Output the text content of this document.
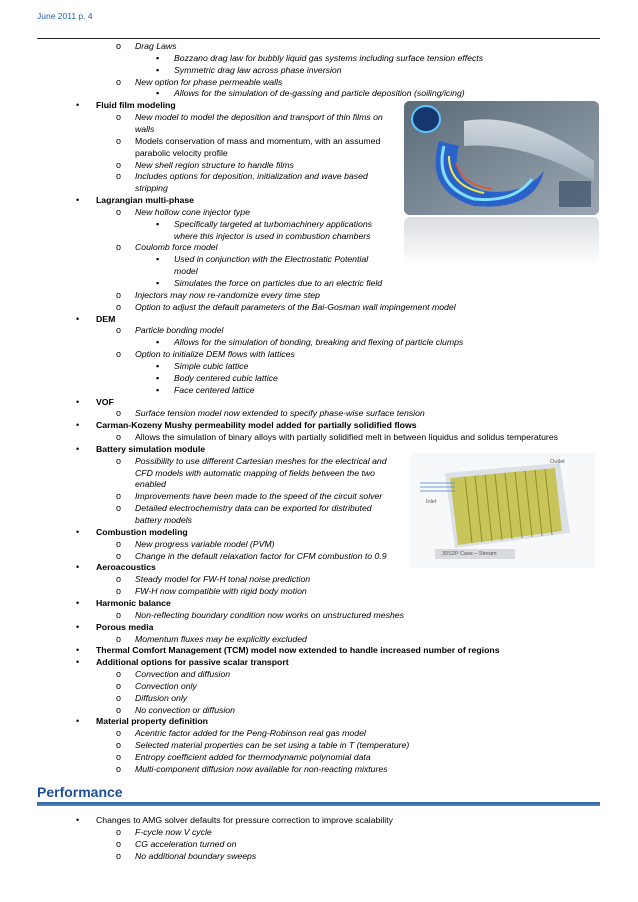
June 2011 p. 4
o Drag Laws
▪ Bozzano drag law for bubbly liquid gas systems including surface tension effects
▪ Symmetric drag law across phase inversion
o New option for phase permeable walls
▪ Allows for the simulation of de-gassing and particle deposition (soiling/icing)
• Fluid film modeling
o New model to model the deposition and transport of thin films on
walls
o Models conservation of mass and momentum, with an assumed
parabolic velocity profile
o New shell region structure to handle films
o Includes options for deposition, initialization and wave based
stripping
• Lagrangian multi-phase
o New hollow cone injector type
▪ Specifically targeted at turbomachinery applications
where this injector is used in combustion chambers
o Coulomb force model
▪ Used in conjunction with the Electrostatic Potential
model
▪ Simulates the force on particles due to an electric field
o Injectors may now re-randomize every time step
o Option to adjust the default parameters of the Bai-Gosman wall impingement model
• DEM
o Particle bonding model
▪ Allows for the simulation of bonding, breaking and flexing of particle clumps
o Option to initialize DEM flows with lattices
▪ Simple cubic lattice
▪ Body centered cubic lattice
▪ Face centered lattice
• VOF
o Surface tension model now extended to specify phase-wise surface tension
• Carman-Kozeny Mushy permeability model added for partially solidified flows
o Allows the simulation of binary alloys with partially solidified melt in between liquidus and solidus temperatures
• Battery simulation module
o Possibility to use different Cartesian meshes for the electrical and
CFD models with automatic mapping of fields between the two
enabled
o Improvements have been made to the speed of the circuit solver
o Detailed electrochemistry data can be exported for distributed
battery models
• Combustion modeling
o New progress variable model (PVM)
o Change in the default relaxation factor for CFM combustion to 0.9
• Aeroacoustics
o Steady model for FW-H tonal noise prediction
o FW-H now compatible with rigid body motion
• Harmonic balance
o Non-reflecting boundary condition now works on unstructured meshes
• Porous media
o Momentum fluxes may be explicitly excluded
• Thermal Comfort Management (TCM) model now extended to handle increased number of regions
• Additional options for passive scalar transport
o Convection and diffusion
o Convection only
o Diffusion only
o No convection or diffusion
• Material property definition
o Acentric factor added for the Peng-Robinson real gas model
o Selected material properties can be set using a table in T (temperature)
o Entropy coefficient added for thermodynamic polynomial data
o Multi-component diffusion now available for non-reacting mixtures
Performance
• Changes to AMG solver defaults for pressure correction to improve scalability
o F-cycle now V cycle
o CG acceleration turned on
o No additional boundary sweeps
Outlet
Inlet
30S2P Case – Stream
